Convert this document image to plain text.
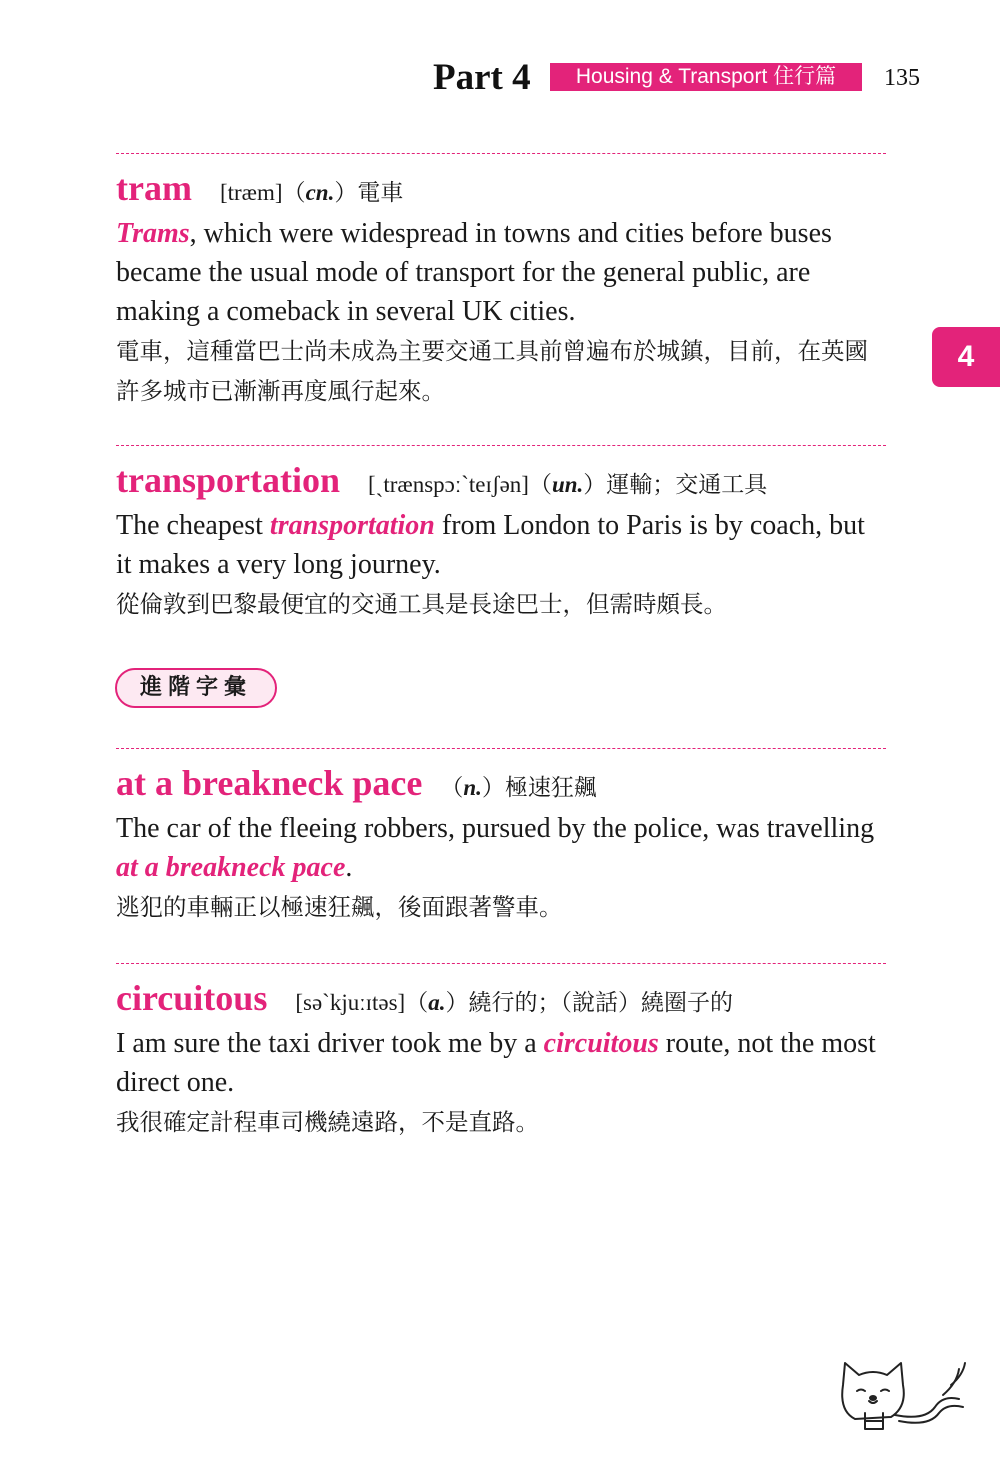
Part 4	Housing & Transport 住行篇	135
4
tram [træm] （cn.） 電車

Trams, which were widespread in towns and cities before buses became the usual mode of transport for the general public, are making a comeback in several UK cities.

電車，這種當巴士尚未成為主要交通工具前曾遍布於城鎮，目前，在英國許多城市已漸漸再度風行起來。

transportation [ˏtrænspɔːˋteɪʃən] （un.） 運輸；交通工具

The cheapest transportation from London to Paris is by coach, but it makes a very long journey.

從倫敦到巴黎最便宜的交通工具是長途巴士，但需時頗長。

進階字彙
at a breakneck pace （n.） 極速狂飆

The car of the fleeing robbers, pursued by the police, was travelling at a breakneck pace.

逃犯的車輛正以極速狂飆，後面跟著警車。

circuitous [səˋkjuːɪtəs] （a.） 繞行的；（說話）繞圈子的

I am sure the taxi driver took me by a circuitous route, not the most direct one.

我很確定計程車司機繞遠路，不是直路。
